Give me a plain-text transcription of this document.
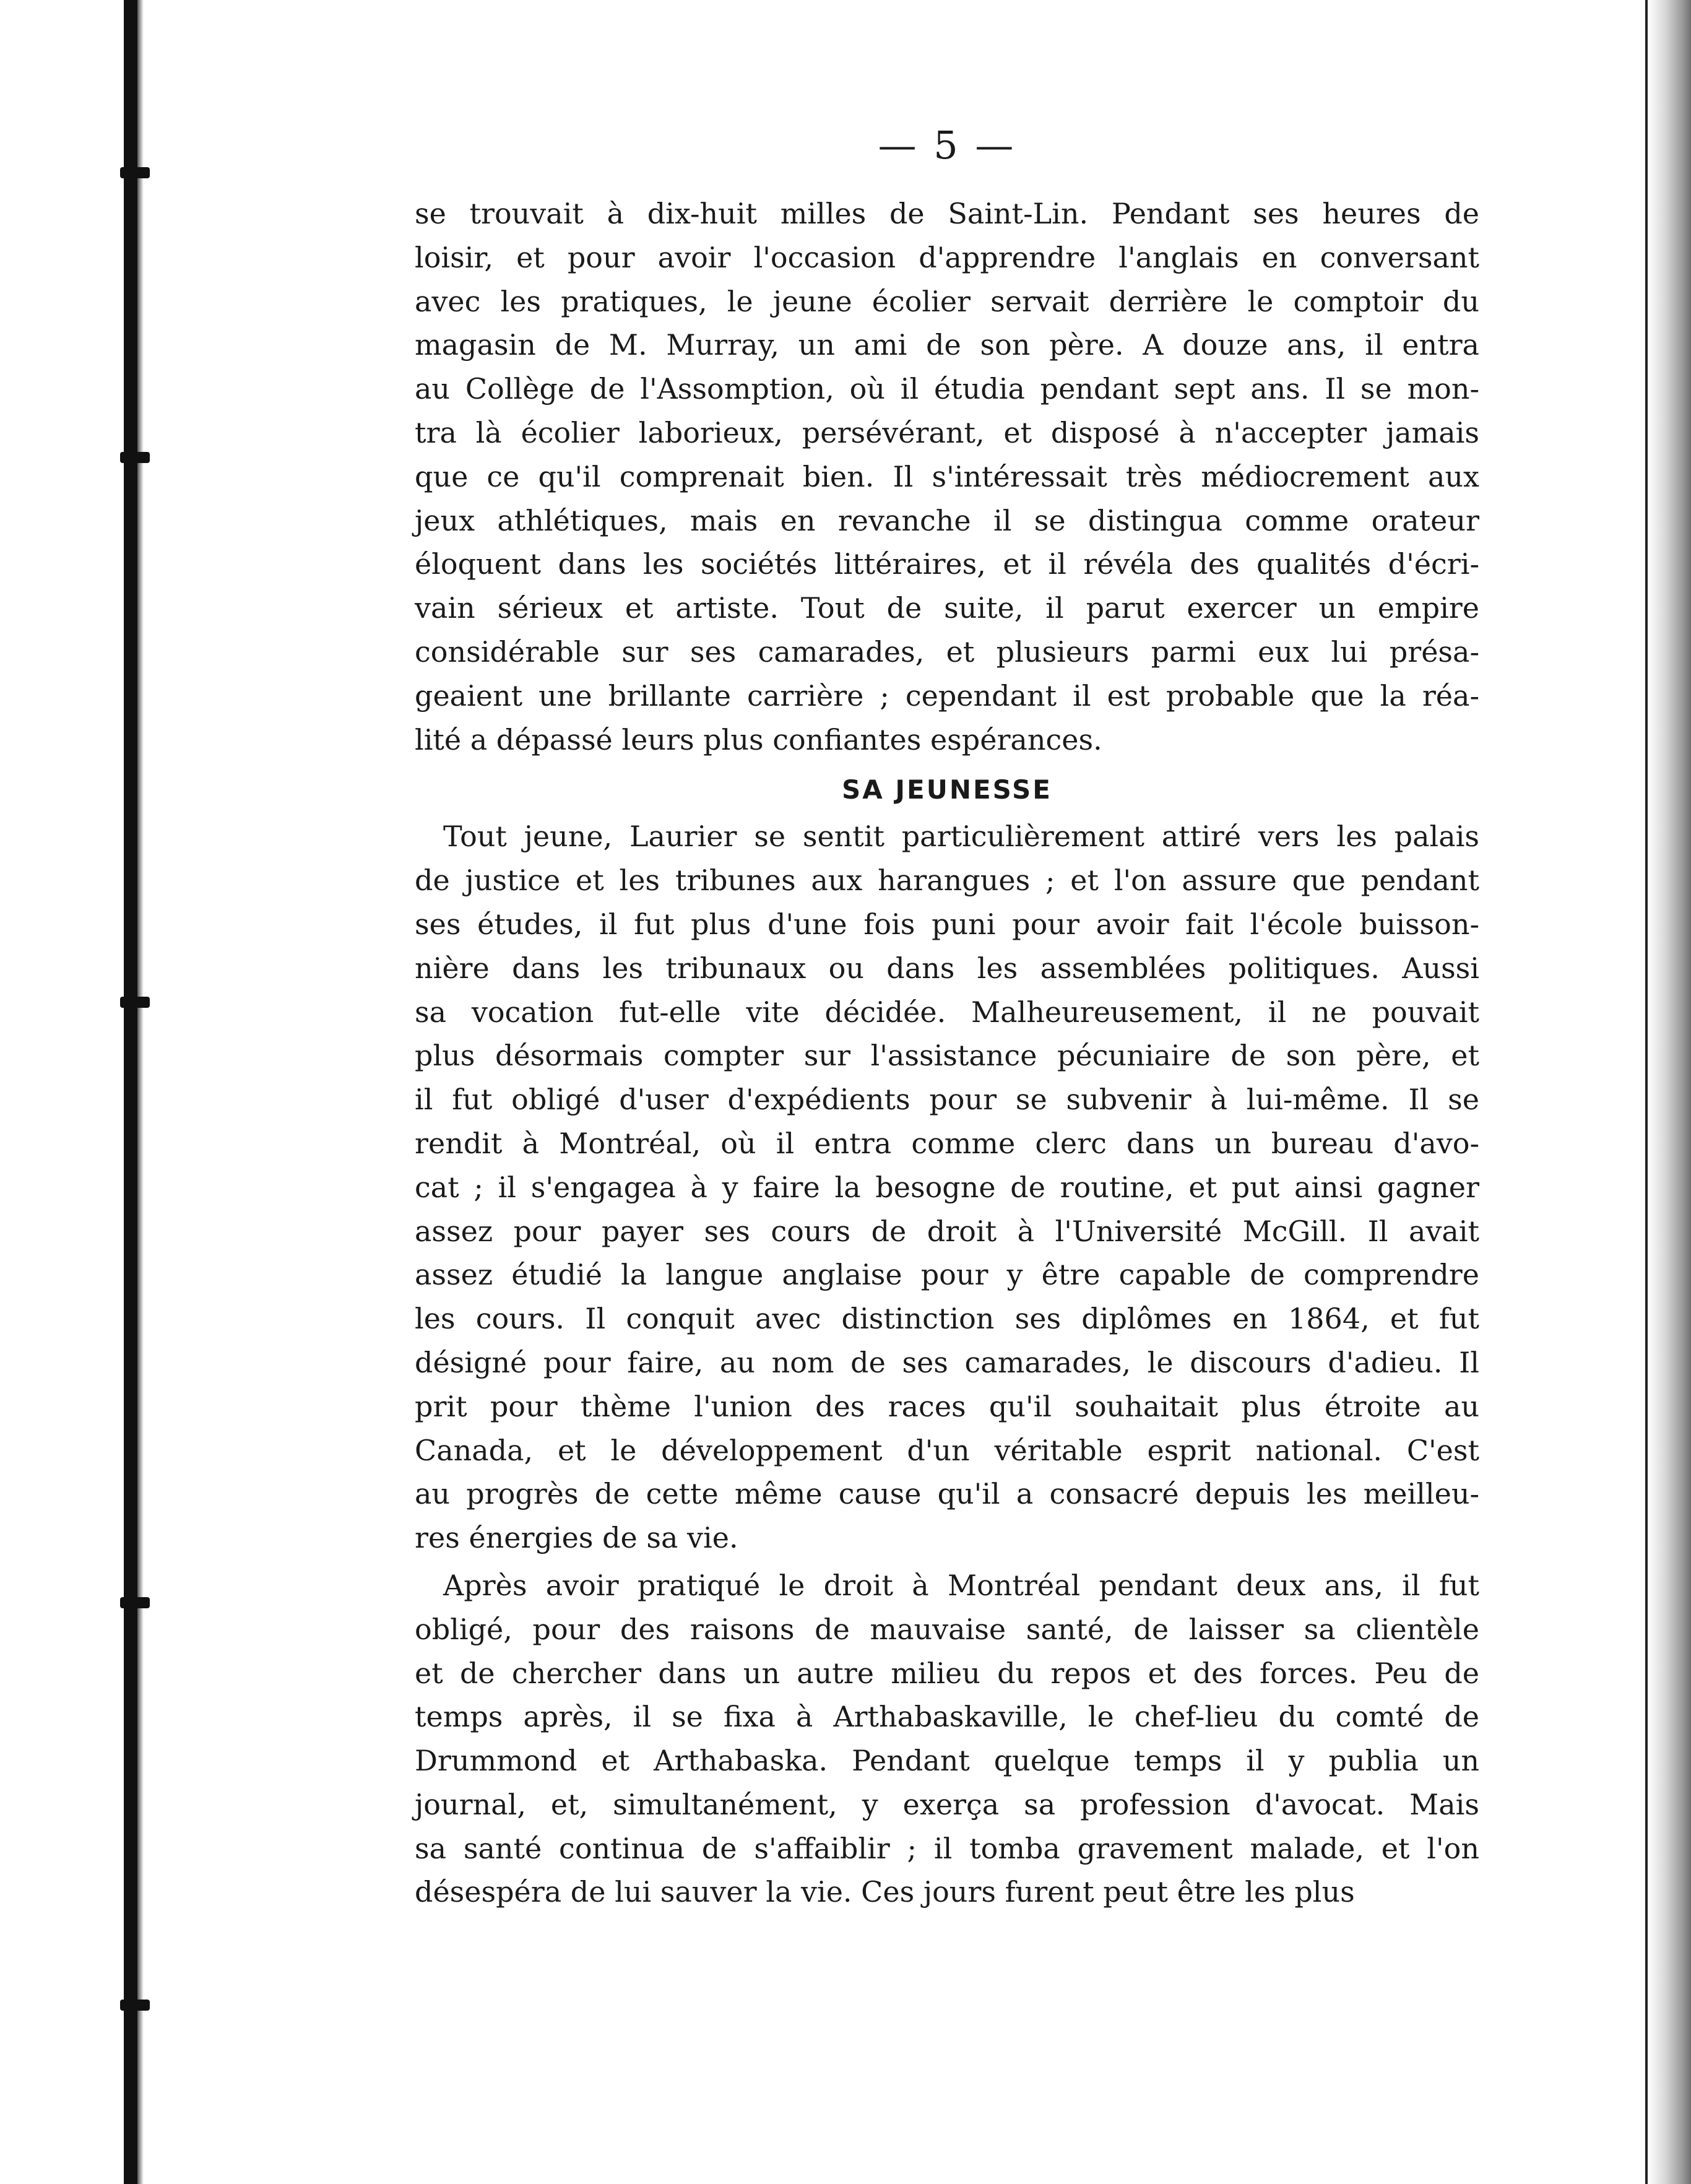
— 5 —
se trouvait à dix-huit milles de Saint-Lin. Pendant ses heures de
loisir, et pour avoir l'occasion d'apprendre l'anglais en conversant
avec les pratiques, le jeune écolier servait derrière le comptoir du
magasin de M. Murray, un ami de son père. A douze ans, il entra
au Collège de l'Assomption, où il étudia pendant sept ans. Il se mon-
tra là écolier laborieux, persévérant, et disposé à n'accepter jamais
que ce qu'il comprenait bien. Il s'intéressait très médiocrement aux
jeux athlétiques, mais en revanche il se distingua comme orateur
éloquent dans les sociétés littéraires, et il révéla des qualités d'écri-
vain sérieux et artiste. Tout de suite, il parut exercer un empire
considérable sur ses camarades, et plusieurs parmi eux lui présa-
geaient une brillante carrière ; cependant il est probable que la réa-
lité a dépassé leurs plus confiantes espérances.
SA JEUNESSE
Tout jeune, Laurier se sentit particulièrement attiré vers les palais
de justice et les tribunes aux harangues ; et l'on assure que pendant
ses études, il fut plus d'une fois puni pour avoir fait l'école buisson-
nière dans les tribunaux ou dans les assemblées politiques. Aussi
sa vocation fut-elle vite décidée. Malheureusement, il ne pouvait
plus désormais compter sur l'assistance pécuniaire de son père, et
il fut obligé d'user d'expédients pour se subvenir à lui-même. Il se
rendit à Montréal, où il entra comme clerc dans un bureau d'avo-
cat ; il s'engagea à y faire la besogne de routine, et put ainsi gagner
assez pour payer ses cours de droit à l'Université McGill. Il avait
assez étudié la langue anglaise pour y être capable de comprendre
les cours. Il conquit avec distinction ses diplômes en 1864, et fut
désigné pour faire, au nom de ses camarades, le discours d'adieu. Il
prit pour thème l'union des races qu'il souhaitait plus étroite au
Canada, et le développement d'un véritable esprit national. C'est
au progrès de cette même cause qu'il a consacré depuis les meilleu-
res énergies de sa vie.
Après avoir pratiqué le droit à Montréal pendant deux ans, il fut
obligé, pour des raisons de mauvaise santé, de laisser sa clientèle
et de chercher dans un autre milieu du repos et des forces. Peu de
temps après, il se fixa à Arthabaskaville, le chef-lieu du comté de
Drummond et Arthabaska. Pendant quelque temps il y publia un
journal, et, simultanément, y exerça sa profession d'avocat. Mais
sa santé continua de s'affaiblir ; il tomba gravement malade, et l'on
désespéra de lui sauver la vie. Ces jours furent peut être les plus
